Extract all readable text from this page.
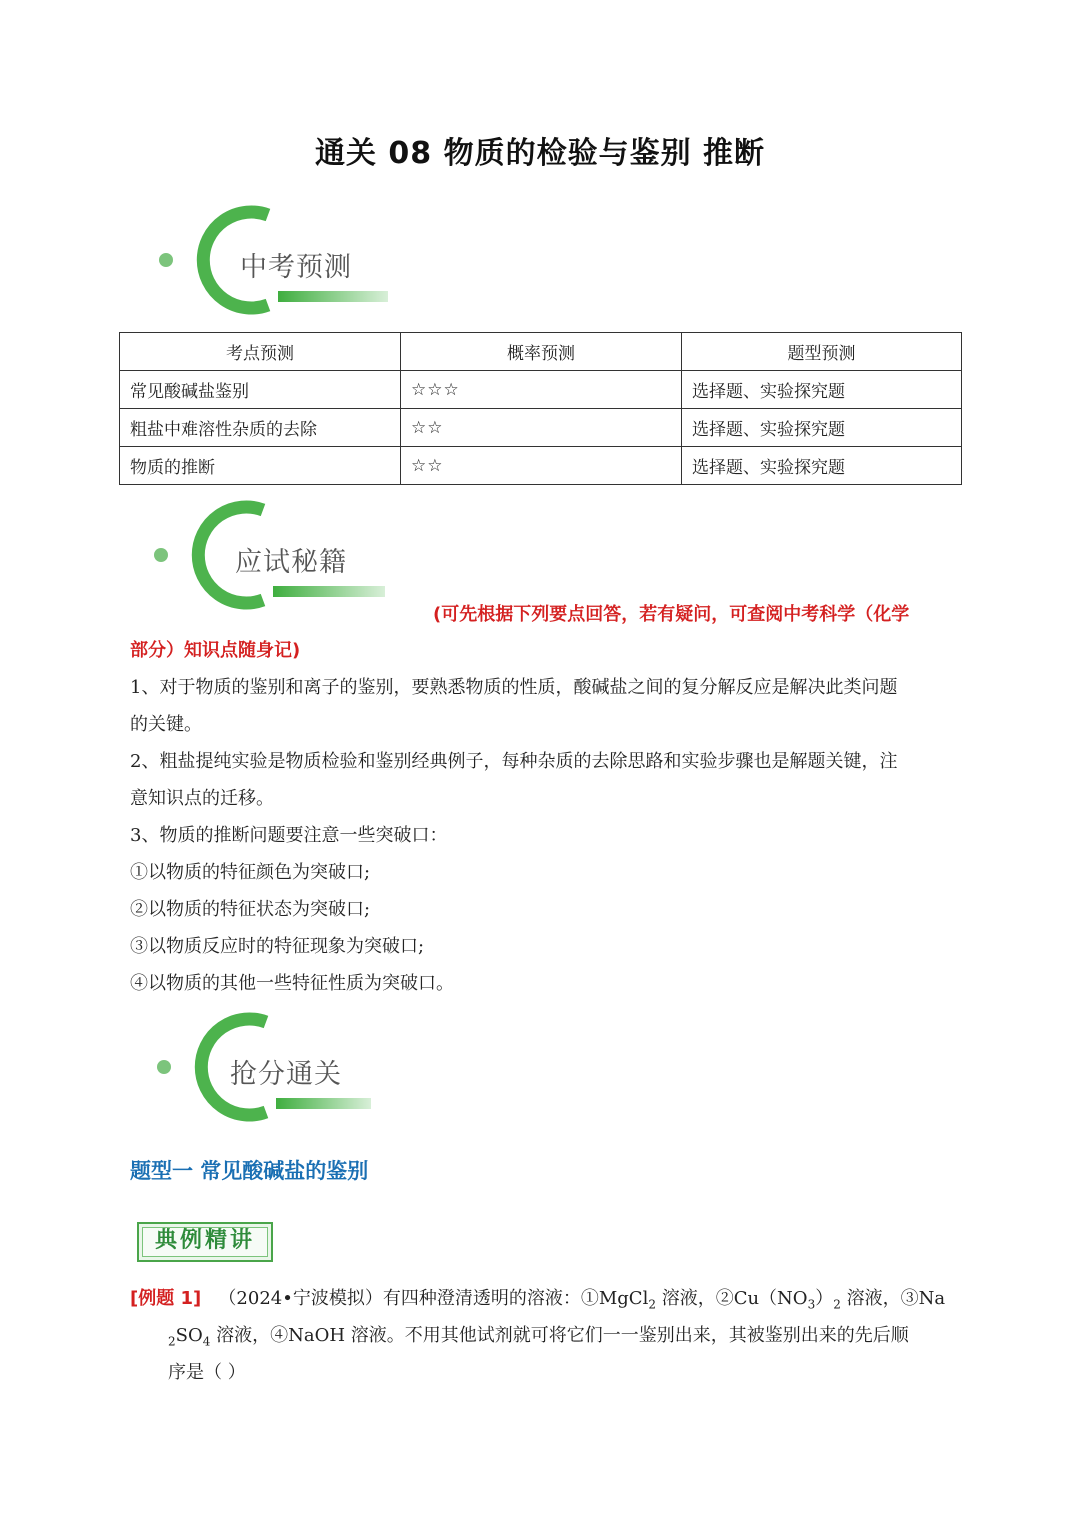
通关 08 物质的检验与鉴别 推断
中考预测
考点预测	概率预测	题型预测
常见酸碱盐鉴别	☆☆☆	选择题、实验探究题
粗盐中难溶性杂质的去除	☆☆	选择题、实验探究题
物质的推断	☆☆	选择题、实验探究题
应试秘籍
(可先根据下列要点回答，若有疑问，可查阅中考科学（化学
部分）知识点随身记)
1、对于物质的鉴别和离子的鉴别，要熟悉物质的性质，酸碱盐之间的复分解反应是解决此类问题
的关键。
2、粗盐提纯实验是物质检验和鉴别经典例子，每种杂质的去除思路和实验步骤也是解题关键，注
意知识点的迁移。
3、物质的推断问题要注意一些突破口：
①以物质的特征颜色为突破口;
②以物质的特征状态为突破口;
③以物质反应时的特征现象为突破口;
④以物质的其他一些特征性质为突破口。
抢分通关
题型一 常见酸碱盐的鉴别
典例精讲
[例题 1] （2024•宁波模拟）有四种澄清透明的溶液：①MgCl$_2$ 溶液，$②Cu(NO_3)_2$ 溶液，③Na
$_2SO_4$ 溶液，④NaOH 溶液。不用其他试剂就可将它们一一鉴别出来，其被鉴别出来的先后顺
序是（ ）
